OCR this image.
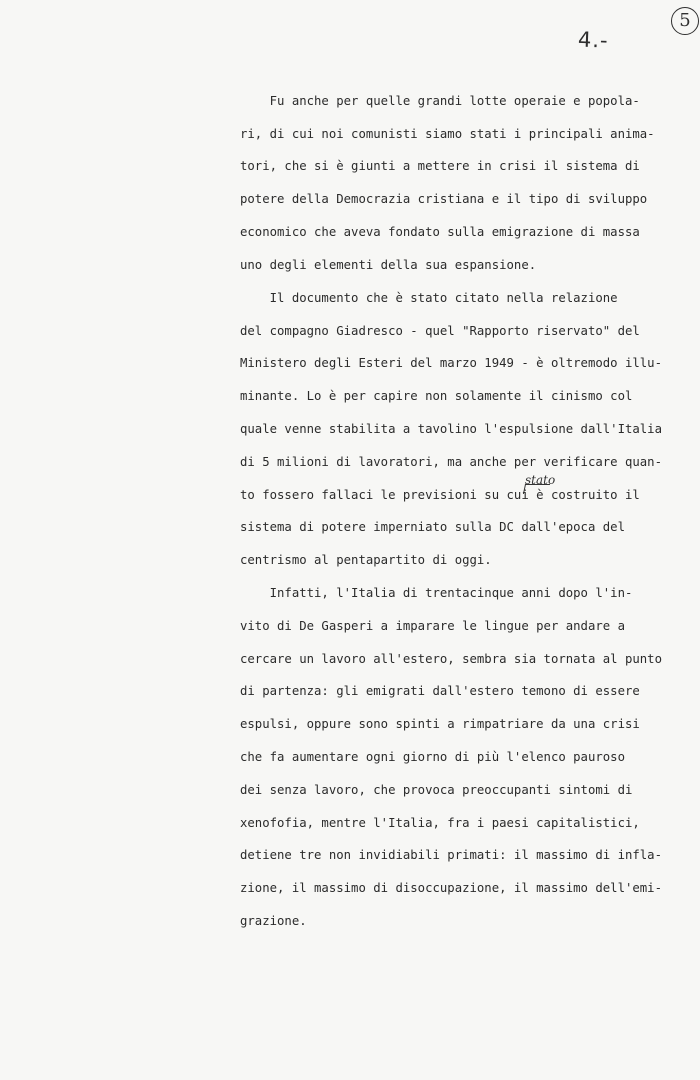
4.-
5
stato

Fu anche per quelle grandi lotte operaie e popola-

ri, di cui noi comunisti siamo stati i principali anima-

tori, che si è giunti a mettere in crisi il sistema di

potere della Democrazia cristiana e il tipo di sviluppo

economico che aveva fondato sulla emigrazione di massa

uno degli elementi della sua espansione.

Il documento che è stato citato nella relazione

del compagno Giadresco - quel "Rapporto riservato" del

Ministero degli Esteri del marzo 1949 - è oltremodo illu-

minante. Lo è per capire non solamente il cinismo col

quale venne stabilita a tavolino l'espulsione dall'Italia

di 5 milioni di lavoratori, ma anche per verificare quan-

to fossero fallaci le previsioni su cui è costruito il

sistema di potere imperniato sulla DC dall'epoca del

centrismo al pentapartito di oggi.

Infatti, l'Italia di trentacinque anni dopo l'in-

vito di De Gasperi a imparare le lingue per andare a

cercare un lavoro all'estero, sembra sia tornata al punto

di partenza: gli emigrati dall'estero temono di essere

espulsi, oppure sono spinti a rimpatriare da una crisi

che fa aumentare ogni giorno di più l'elenco pauroso

dei senza lavoro, che provoca preoccupanti sintomi di

xenofofia, mentre l'Italia, fra i paesi capitalistici,

detiene tre non invidiabili primati: il massimo di infla-

zione, il massimo di disoccupazione, il massimo dell'emi-

grazione.
